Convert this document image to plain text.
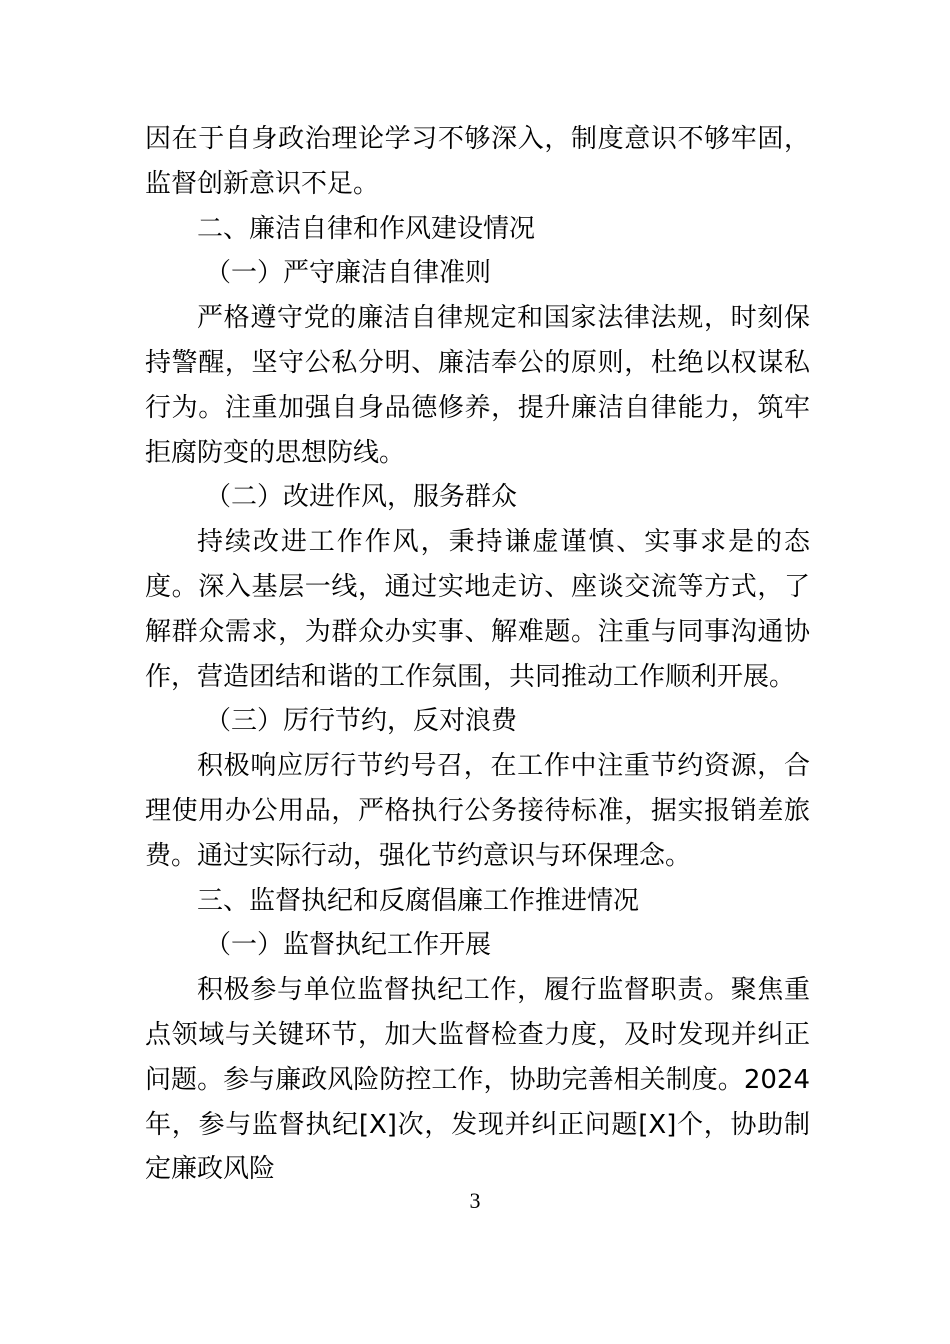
因在于自身政治理论学习不够深入，制度意识不够牢固，监督创新意识不足。

二、廉洁自律和作风建设情况

（一）严守廉洁自律准则

严格遵守党的廉洁自律规定和国家法律法规，时刻保持警醒，坚守公私分明、廉洁奉公的原则，杜绝以权谋私行为。注重加强自身品德修养，提升廉洁自律能力，筑牢拒腐防变的思想防线。

（二）改进作风，服务群众

持续改进工作作风，秉持谦虚谨慎、实事求是的态度。深入基层一线，通过实地走访、座谈交流等方式，了解群众需求，为群众办实事、解难题。注重与同事沟通协作，营造团结和谐的工作氛围，共同推动工作顺利开展。

（三）厉行节约，反对浪费

积极响应厉行节约号召，在工作中注重节约资源，合理使用办公用品，严格执行公务接待标准，据实报销差旅费。通过实际行动，强化节约意识与环保理念。

三、监督执纪和反腐倡廉工作推进情况

（一）监督执纪工作开展

积极参与单位监督执纪工作，履行监督职责。聚焦重点领域与关键环节，加大监督检查力度，及时发现并纠正问题。参与廉政风险防控工作，协助完善相关制度。2024年，参与监督执纪[X]次，发现并纠正问题[X]个，协助制定廉政风险

3
